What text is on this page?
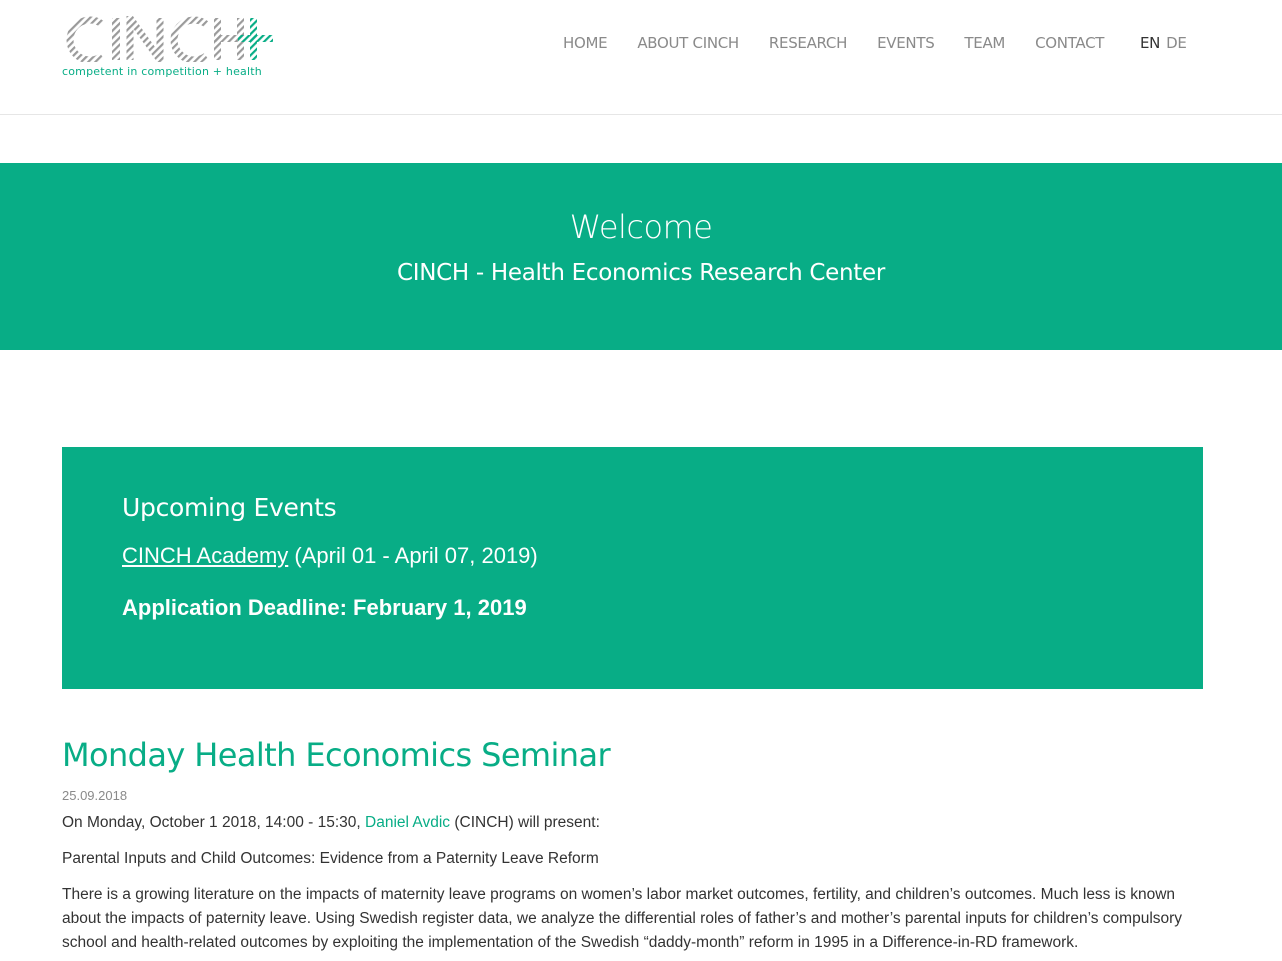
competent in competition + health
HOME ABOUT CINCH RESEARCH EVENTS TEAM CONTACT EN DE
Welcome
CINCH - Health Economics Research Center
Upcoming Events
CINCH Academy (April 01 - April 07, 2019)
Application Deadline: February 1, 2019
Monday Health Economics Seminar
25.09.2018
On Monday, October 1 2018, 14:00 - 15:30, Daniel Avdic (CINCH) will present:
Parental Inputs and Child Outcomes: Evidence from a Paternity Leave Reform
There is a growing literature on the impacts of maternity leave programs on women’s labor market outcomes, fertility, and children’s outcomes. Much less is known about the impacts of paternity leave. Using Swedish register data, we analyze the differential roles of father’s and mother’s parental inputs for children’s compulsory school and health-related outcomes by exploiting the implementation of the Swedish “daddy-month” reform in 1995 in a Difference-in-RD framework.
